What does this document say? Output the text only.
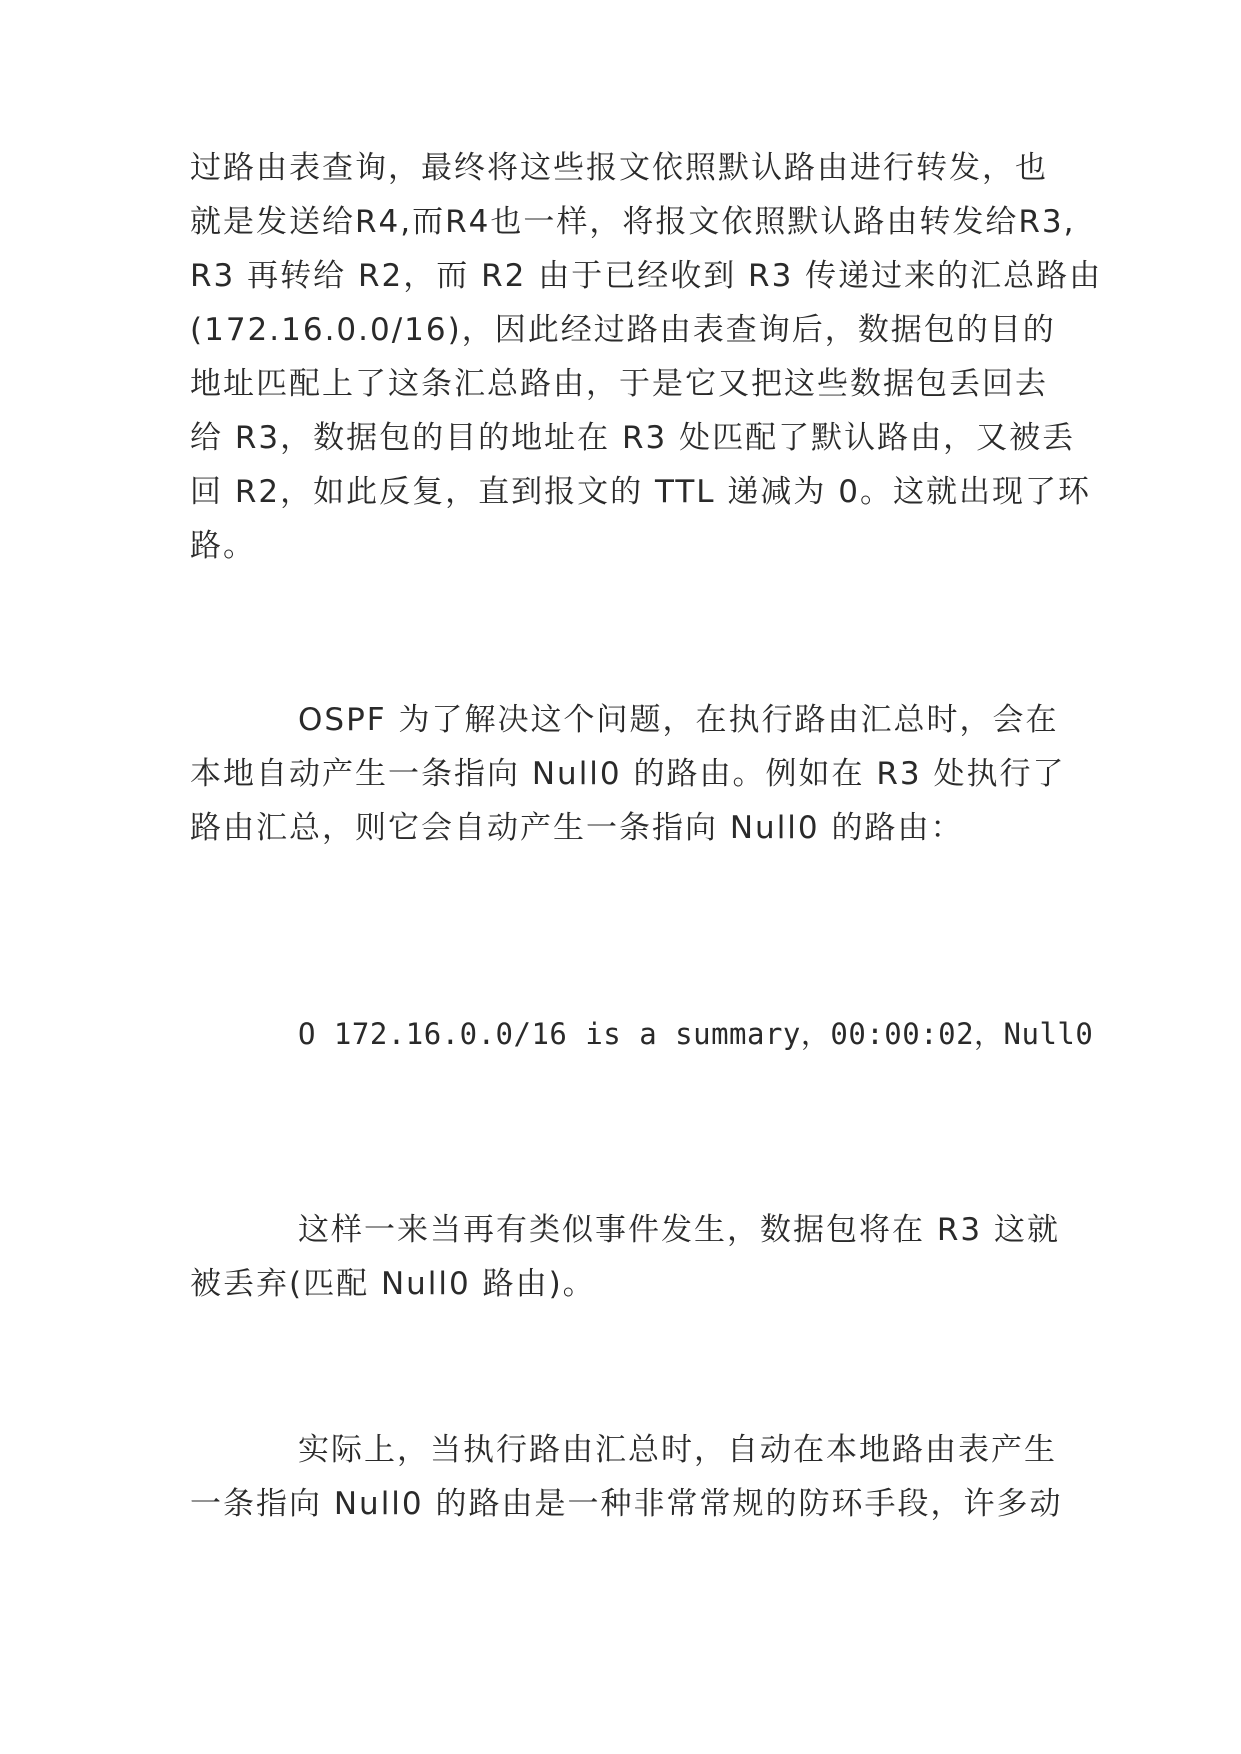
过路由表查询，最终将这些报文依照默认路由进行转发，也
就是发送给R4,而R4也一样，将报文依照默认路由转发给R3,
R3 再转给 R2，而 R2 由于已经收到 R3 传递过来的汇总路由
(172.16.0.0/16)，因此经过路由表查询后，数据包的目的
地址匹配上了这条汇总路由，于是它又把这些数据包丢回去
给 R3，数据包的目的地址在 R3 处匹配了默认路由，又被丢
回 R2，如此反复，直到报文的 TTL 递减为 0。这就出现了环
路。
OSPF 为了解决这个问题，在执行路由汇总时，会在
本地自动产生一条指向 Null0 的路由。例如在 R3 处执行了
路由汇总，则它会自动产生一条指向 Null0 的路由：
O 172.16.0.0/16 is a summary，00:00:02，Null0
这样一来当再有类似事件发生，数据包将在 R3 这就
被丢弃(匹配 Null0 路由)。
实际上，当执行路由汇总时，自动在本地路由表产生
一条指向 Null0 的路由是一种非常常规的防环手段，许多动
